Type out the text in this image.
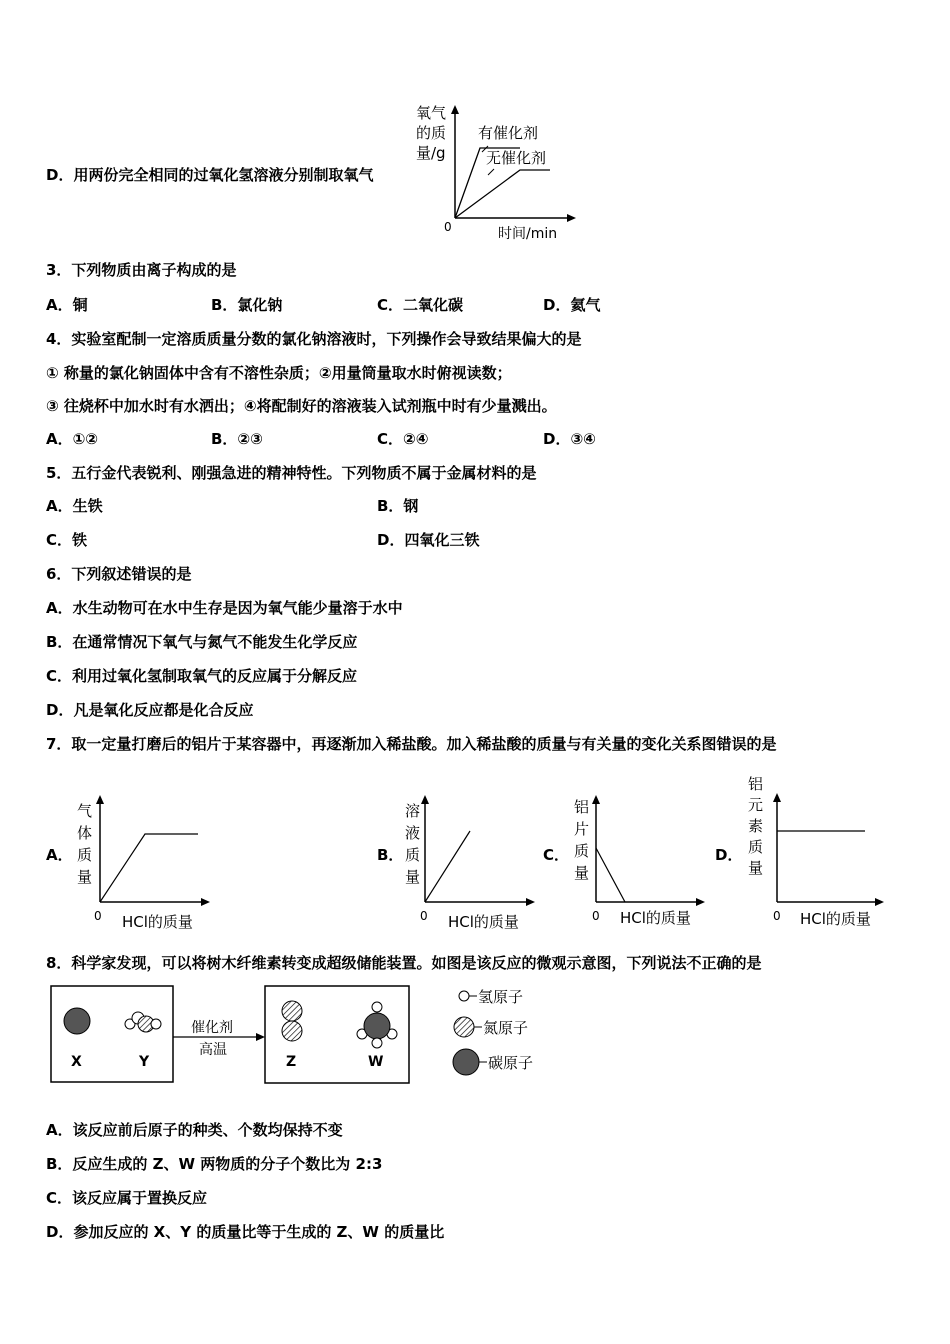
D．用两份完全相同的过氧化氢溶液分别制取氧气
氧气
的质
量/g
0	时间/min
有催化剂
无催化剂
3．下列物质由离子构成的是
A．铜	B．氯化钠	C．二氧化碳	D．氦气
4．实验室配制一定溶质质量分数的氯化钠溶液时，下列操作会导致结果偏大的是
① 称量的氯化钠固体中含有不溶性杂质；②用量筒量取水时俯视读数；
③ 往烧杯中加水时有水洒出；④将配制好的溶液装入试剂瓶中时有少量溅出。
A．①②	B．②③	C．②④	D．③④
5．五行金代表锐利、刚强急进的精神特性。下列物质不属于金属材料的是
A．生铁	B．钢
C．铁	D．四氧化三铁
6．下列叙述错误的是
A．水生动物可在水中生存是因为氧气能少量溶于水中
B．在通常情况下氧气与氮气不能发生化学反应
C．利用过氧化氢制取氧气的反应属于分解反应
D．凡是氧化反应都是化合反应
7．取一定量打磨后的铝片于某容器中，再逐渐加入稀盐酸。加入稀盐酸的质量与有关量的变化关系图错误的是
A．
气
体
质
量
0 HCl的质量
B．
溶
液
质
量
0 HCl的质量
C．
铝
片
质
量
0 HCl的质量
D．
铝
元
素
质
量
0 HCl的质量
8．科学家发现，可以将树木纤维素转变成超级储能装置。如图是该反应的微观示意图，下列说法不正确的是
X	Y
催化剂
高温
Z	W
氢原子
氮原子
碳原子
A．该反应前后原子的种类、个数均保持不变
B．反应生成的 Z、W 两物质的分子个数比为 2:3
C．该反应属于置换反应
D．参加反应的 X、Y 的质量比等于生成的 Z、W 的质量比
